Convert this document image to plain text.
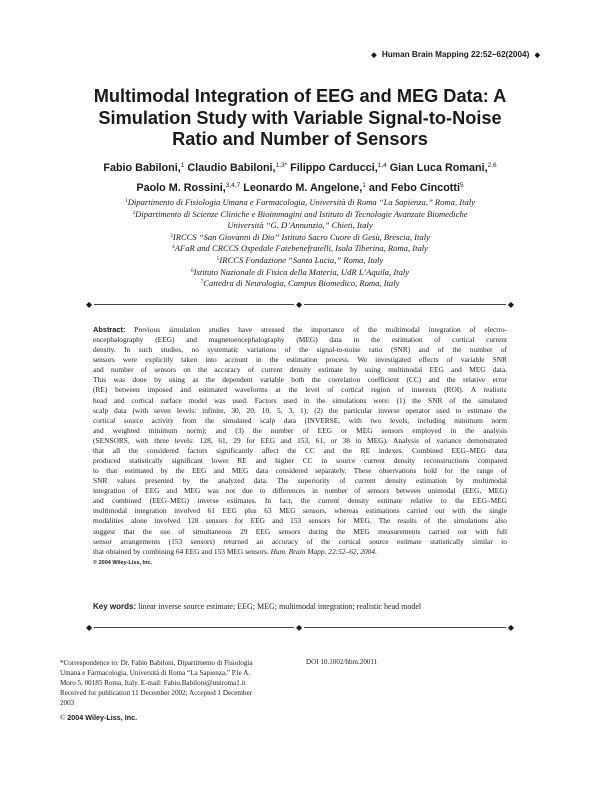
◆ Human Brain Mapping 22:52–62(2004) ◆
Multimodal Integration of EEG and MEG Data: A
Simulation Study with Variable Signal-to-Noise
Ratio and Number of Sensors
Fabio Babiloni,$^1$ Claudio Babiloni,$^{1,3*}$ Filippo Carducci,$^{1,4}$ Gian Luca Romani,$^{2,6}$
Paolo M. Rossini,$^{3,4,7}$ Leonardo M. Angelone,$^1$ and Febo Cincotti$^5$
$^1$Dipartimento di Fisiologia Umana e Farmacologia, Università di Roma “La Sapienza,” Roma, Italy
$^2$Dipartimento di Scienze Cliniche e Bioimmagini and Istituto di Tecnologie Avanzate Biomediche
Università “G. D’Annunzio,” Chieti, Italy
$^3$IRCCS “San Giovanni di Dio” Istituto Sacro Cuore di Gesù, Brescia, Italy
$^4$AFaR and CRCCS Ospedale Fatebenefratelli, Isola Tiberina, Roma, Italy
$^5$IRCCS Fondazione “Santa Lucia,” Roma, Italy
$^6$Istituto Nazionale di Fisica della Materia, UdR L’Aquila, Italy
$^7$Cattedra di Neurologia, Campus Biomedico, Roma, Italy
◆	◆	◆
Abstract: Previous simulation studies have stressed the importance of the multimodal integration of electro-
encephalography (EEG) and magnetoencephalography (MEG) data in the estimation of cortical current
density. In such studies, no systematic variations of the signal-to-noise ratio (SNR) and of the number of
sensors were explicitly taken into account in the estimation process. We investigated effects of variable SNR
and number of sensors on the accuracy of current density estimate by using multimodal EEG and MEG data.
This was done by using as the dependent variable both the correlation coefficient (CC) and the relative error
(RE) between imposed and estimated waveforms at the level of cortical region of interests (ROI). A realistic
head and cortical surface model was used. Factors used in the simulations were: (1) the SNR of the simulated
scalp data (with seven levels: infinite, 30, 20, 10, 5, 3, 1); (2) the particular inverse operator used to estimate the
cortical source activity from the simulated scalp data (INVERSE, with two levels, including minimum norm
and weighted minimum norm); and (3) the number of EEG or MEG sensors employed in the analysis
(SENSORS, with three levels: 128, 61, 29 for EEG and 153, 61, or 38 in MEG). Analysis of variance demonstrated
that all the considered factors significantly affect the CC and the RE indexes. Combined EEG–MEG data
produced statistically significant lower RE and higher CC in source current density reconstructions compared
to that estimated by the EEG and MEG data considered separately. These observations hold for the range of
SNR values presented by the analyzed data. The superiority of current density estimation by multimodal
integration of EEG and MEG was not due to differences in number of sensors between unimodal (EEG, MEG)
and combined (EEG–MEG) inverse estimates. In fact, the current density estimate relative to the EEG–MEG
multimodal integration involved 61 EEG plus 63 MEG sensors, whereas estimations carried out with the single
modalities alone involved 128 sensors for EEG and 153 sensors for MEG. The results of the simulations also
suggest that the use of simultaneous 29 EEG sensors during the MEG measurements carried out with full
sensor arrangements (153 sensors) returned an accuracy of the cortical source estimate statistically similar to
that obtained by combining 64 EEG and 153 MEG sensors. Hum. Brain Mapp. 22:52–62, 2004.
© 2004 Wiley-Liss, Inc.
Key words: linear inverse source estimate; EEG; MEG; multimodal integration; realistic head model
◆	◆	◆
*Correspondence to: Dr. Fabio Babiloni, Dipartimento di Fisiologia
Umana e Farmacologia, Università di Roma “La Sapienza,” P.le A.
Moro 5, 00185 Roma, Italy. E-mail: Fabio.Babiloni@uniroma1.it
Received for publication 11 December 2002; Accepted 1 December
2003
DOI 10.1002/hbm.20011
© 2004 Wiley-Liss, Inc.
